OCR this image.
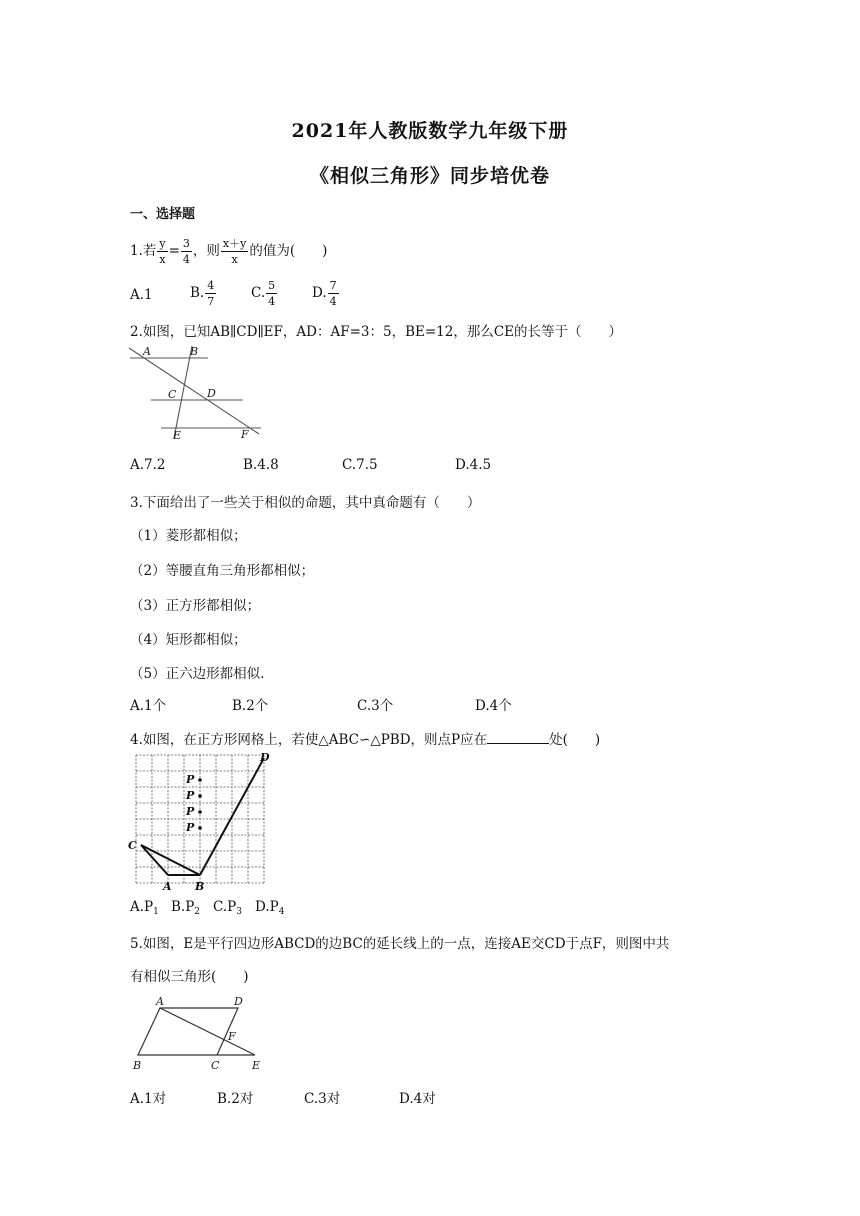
2021年人教版数学九年级下册
《相似三角形》同步培优卷
一、选择题
1.若 $\frac{y}{x} = \frac{3}{4}$ ，则 $\frac{x+y}{x}$ 的值为(　　)
A.1	B. $\frac{4}{7}$	C. $\frac{5}{4}$	D. $\frac{7}{4}$
2.如图，已知AB∥CD∥EF，AD：AF=3：5，BE=12，那么CE的长等于（　　）
A	B
C	D
E	F
A.7.2	B.4.8	C.7.5	D.4.5
3.下面给出了一些关于相似的命题，其中真命题有（　　）
（1）菱形都相似；
（2）等腰直角三角形都相似；
（3）正方形都相似；
（4）矩形都相似；
（5）正六边形都相似.
A.1个	B.2个	C.3个	D.4个
4.如图，在正方形网格上，若使△ABC∽△PBD，则点P应在	处(　　)
P
P
P
P
C
A B
D
$A.P_1$ $B.P_2$ $C.P_3$ $D.P_4$
5.如图，E是平行四边形ABCD的边BC的延长线上的一点，连接AE交CD于点F，则图中共
有相似三角形(　　)
A	D
F
B	C	E
A.1对	B.2对	C.3对	D.4对
